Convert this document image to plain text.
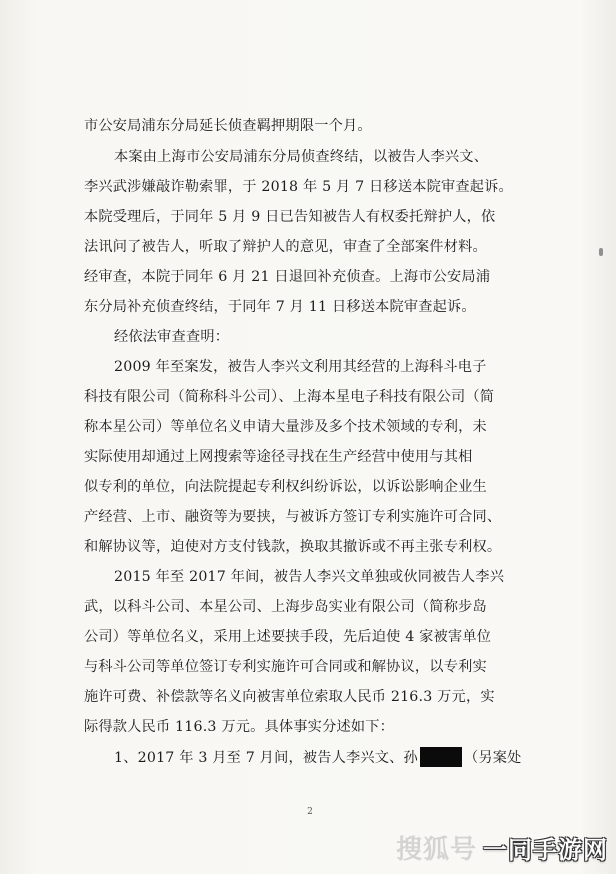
市公安局浦东分局延长侦查羁押期限一个月。
本案由上海市公安局浦东分局侦查终结，以被告人李兴文、
李兴武涉嫌敲诈勒索罪，于 2018 年 5 月 7 日移送本院审查起诉。
本院受理后，于同年 5 月 9 日已告知被告人有权委托辩护人，依
法讯问了被告人，听取了辩护人的意见，审查了全部案件材料。
经审查，本院于同年 6 月 21 日退回补充侦查。上海市公安局浦
东分局补充侦查终结，于同年 7 月 11 日移送本院审查起诉。
经依法审查查明：
2009 年至案发，被告人李兴文利用其经营的上海科斗电子
科技有限公司（简称科斗公司）、上海本星电子科技有限公司（简
称本星公司）等单位名义申请大量涉及多个技术领域的专利，未
实际使用却通过上网搜索等途径寻找在生产经营中使用与其相
似专利的单位，向法院提起专利权纠纷诉讼，以诉讼影响企业生
产经营、上市、融资等为要挟，与被诉方签订专利实施许可合同、
和解协议等，迫使对方支付钱款，换取其撤诉或不再主张专利权。
2015 年至 2017 年间，被告人李兴文单独或伙同被告人李兴
武，以科斗公司、本星公司、上海步岛实业有限公司（简称步岛
公司）等单位名义，采用上述要挟手段，先后迫使 4 家被害单位
与科斗公司等单位签订专利实施许可合同或和解协议，以专利实
施许可费、补偿款等名义向被害单位索取人民币 216.3 万元，实
际得款人民币 116.3 万元。具体事实分述如下：
1、2017 年 3 月至 7 月间，被告人李兴文、孙	（另案处
2
搜狐号 一同手游网
